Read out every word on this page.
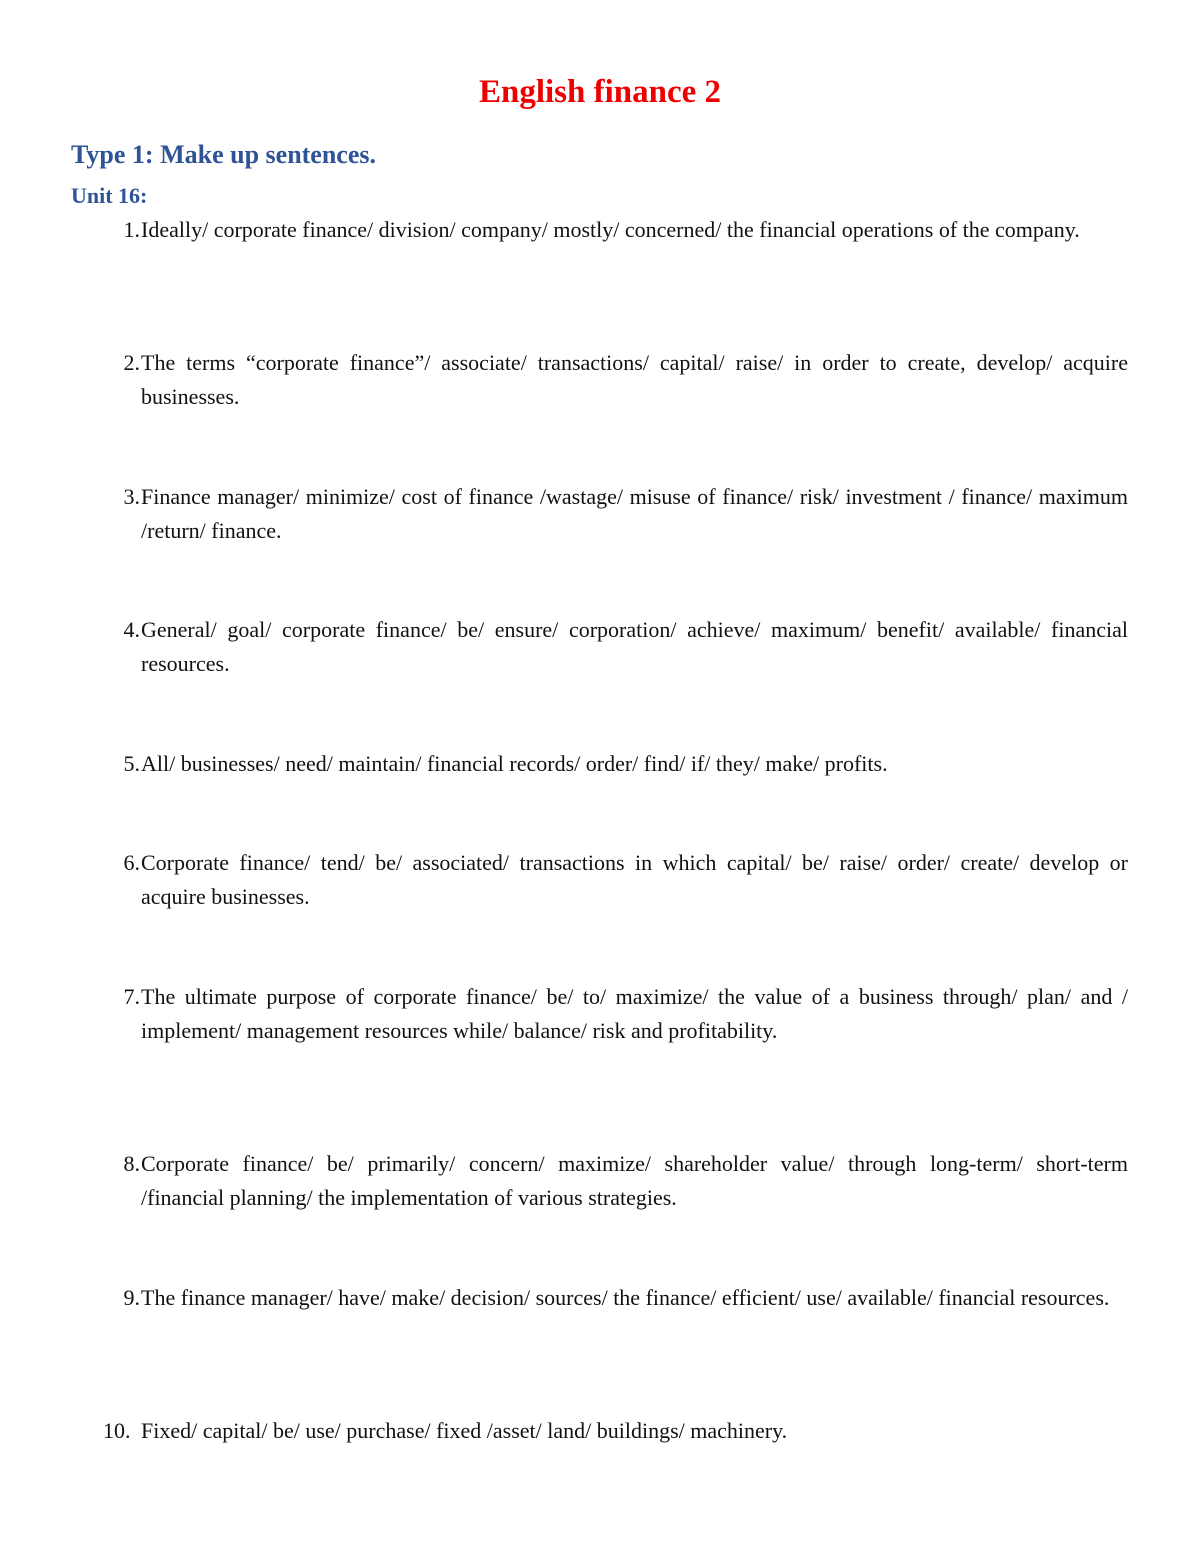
English finance 2
Type 1: Make up sentences.
Unit 16:
1. Ideally/ corporate finance/ division/ company/ mostly/ concerned/ the financial operations of the company.
2. The terms “corporate finance”/ associate/ transactions/ capital/ raise/ in order to create, develop/ acquire businesses.
3. Finance manager/ minimize/ cost of finance /wastage/ misuse of finance/ risk/ investment / finance/ maximum /return/ finance.
4. General/ goal/ corporate finance/ be/ ensure/ corporation/ achieve/ maximum/ benefit/ available/ financial resources.
5. All/ businesses/ need/ maintain/ financial records/ order/ find/ if/ they/ make/ profits.
6. Corporate finance/ tend/ be/ associated/ transactions in which capital/ be/ raise/ order/ create/ develop or acquire businesses.
7. The ultimate purpose of corporate finance/ be/ to/ maximize/ the value of a business through/ plan/ and / implement/ management resources while/ balance/ risk and profitability.
8. Corporate finance/ be/ primarily/ concern/ maximize/ shareholder value/ through long-term/ short-term /financial planning/ the implementation of various strategies.
9. The finance manager/ have/ make/ decision/ sources/ the finance/ efficient/ use/ available/ financial resources.
10. Fixed/ capital/ be/ use/ purchase/ fixed /asset/ land/ buildings/ machinery.
